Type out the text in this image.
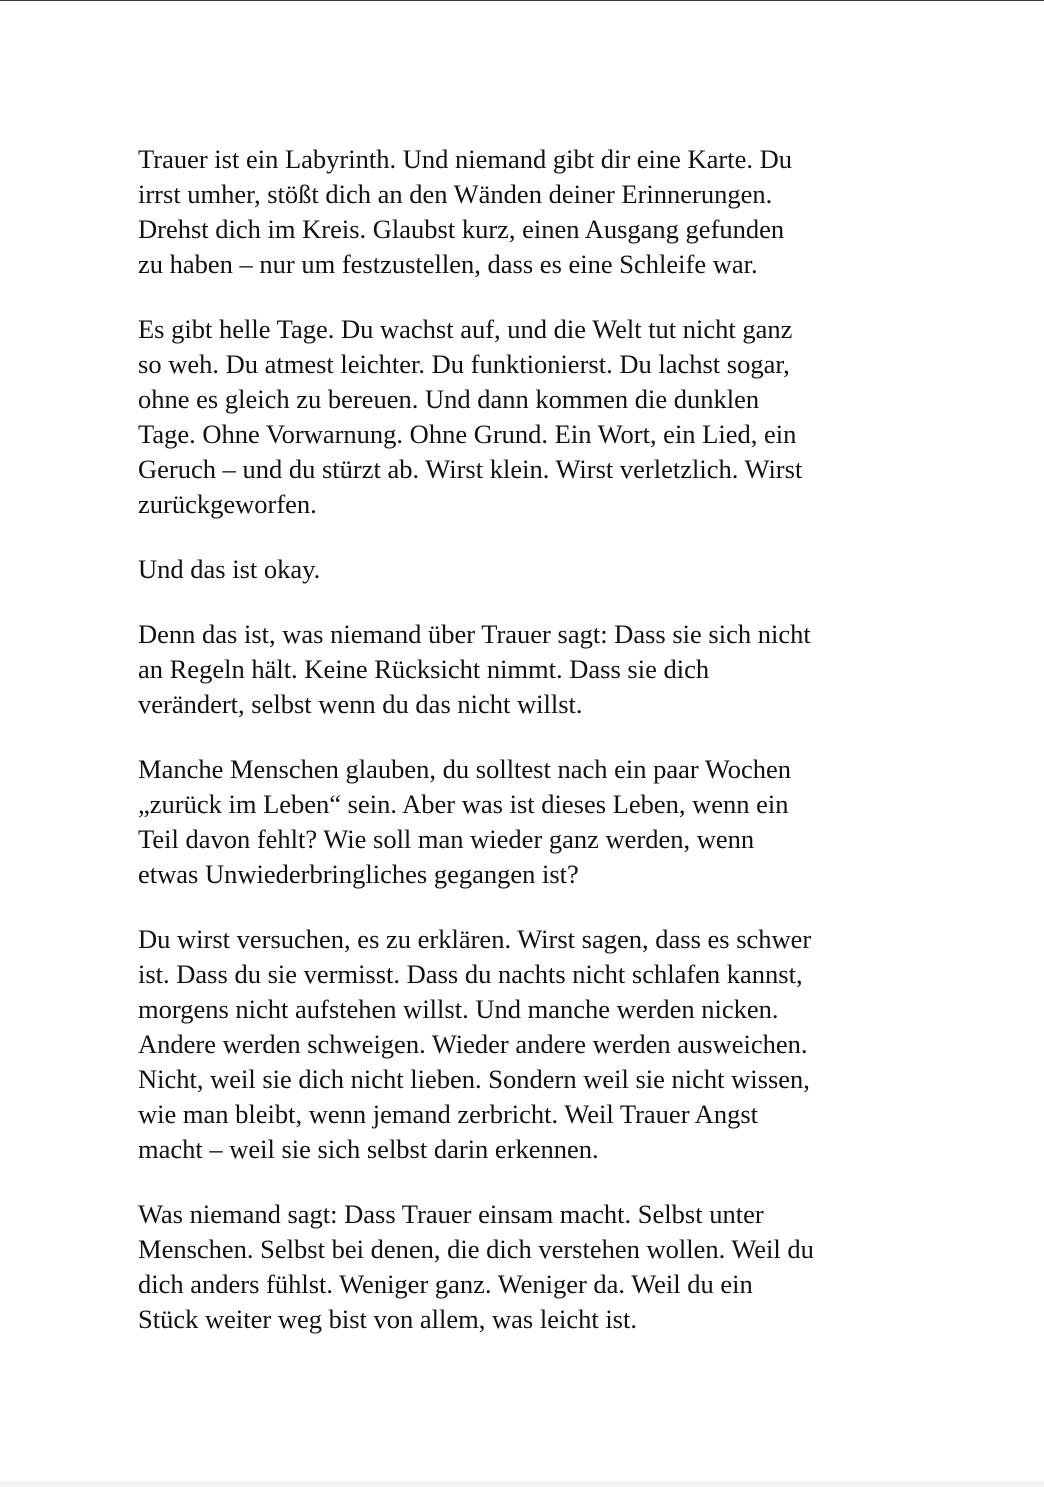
Trauer ist ein Labyrinth. Und niemand gibt dir eine Karte. Du
irrst umher, stößt dich an den Wänden deiner Erinnerungen.
Drehst dich im Kreis. Glaubst kurz, einen Ausgang gefunden
zu haben – nur um festzustellen, dass es eine Schleife war.

Es gibt helle Tage. Du wachst auf, und die Welt tut nicht ganz
so weh. Du atmest leichter. Du funktionierst. Du lachst sogar,
ohne es gleich zu bereuen. Und dann kommen die dunklen
Tage. Ohne Vorwarnung. Ohne Grund. Ein Wort, ein Lied, ein
Geruch – und du stürzt ab. Wirst klein. Wirst verletzlich. Wirst
zurückgeworfen.

Und das ist okay.

Denn das ist, was niemand über Trauer sagt: Dass sie sich nicht
an Regeln hält. Keine Rücksicht nimmt. Dass sie dich
verändert, selbst wenn du das nicht willst.

Manche Menschen glauben, du solltest nach ein paar Wochen
„zurück im Leben“ sein. Aber was ist dieses Leben, wenn ein
Teil davon fehlt? Wie soll man wieder ganz werden, wenn
etwas Unwiederbringliches gegangen ist?

Du wirst versuchen, es zu erklären. Wirst sagen, dass es schwer
ist. Dass du sie vermisst. Dass du nachts nicht schlafen kannst,
morgens nicht aufstehen willst. Und manche werden nicken.
Andere werden schweigen. Wieder andere werden ausweichen.
Nicht, weil sie dich nicht lieben. Sondern weil sie nicht wissen,
wie man bleibt, wenn jemand zerbricht. Weil Trauer Angst
macht – weil sie sich selbst darin erkennen.

Was niemand sagt: Dass Trauer einsam macht. Selbst unter
Menschen. Selbst bei denen, die dich verstehen wollen. Weil du
dich anders fühlst. Weniger ganz. Weniger da. Weil du ein
Stück weiter weg bist von allem, was leicht ist.
